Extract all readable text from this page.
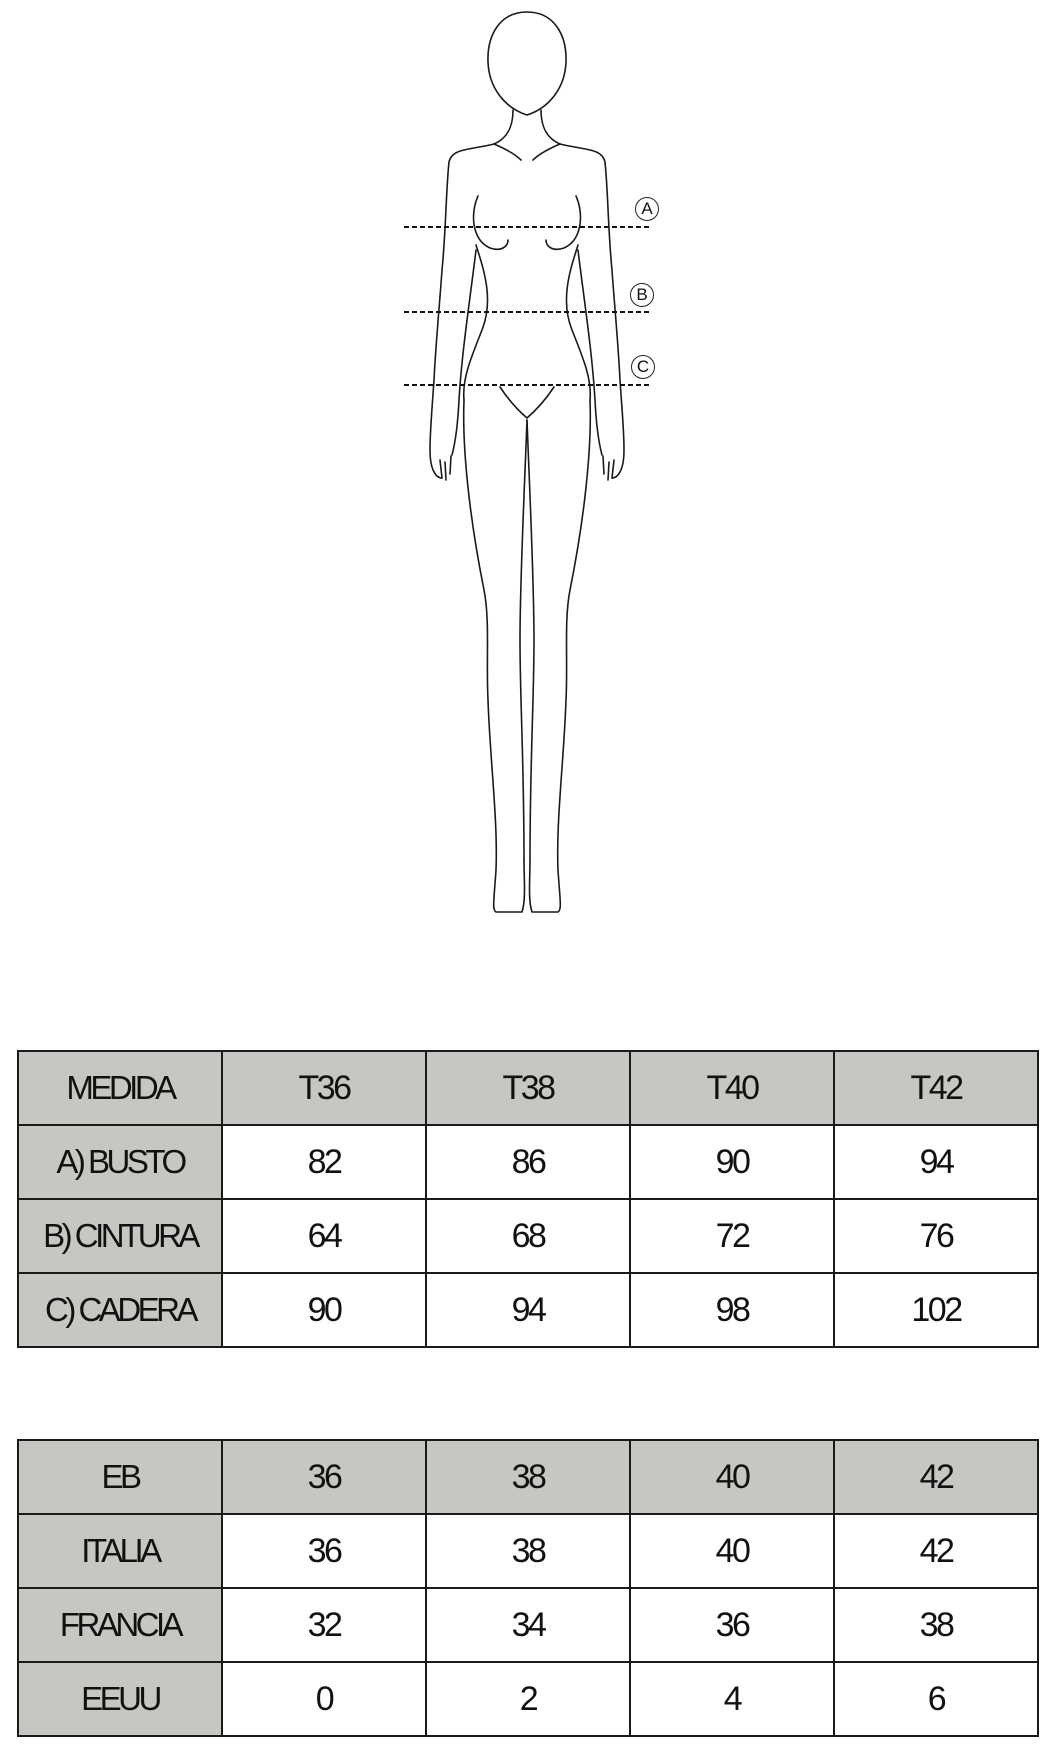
A
B
C
MEDIDA	T36	T38	T40	T42
A) BUSTO	82	86	90	94
B) CINTURA	64	68	72	76
C) CADERA	90	94	98	102
EB	36	38	40	42
ITALIA	36	38	40	42
FRANCIA	32	34	36	38
EEUU	0	2	4	6
